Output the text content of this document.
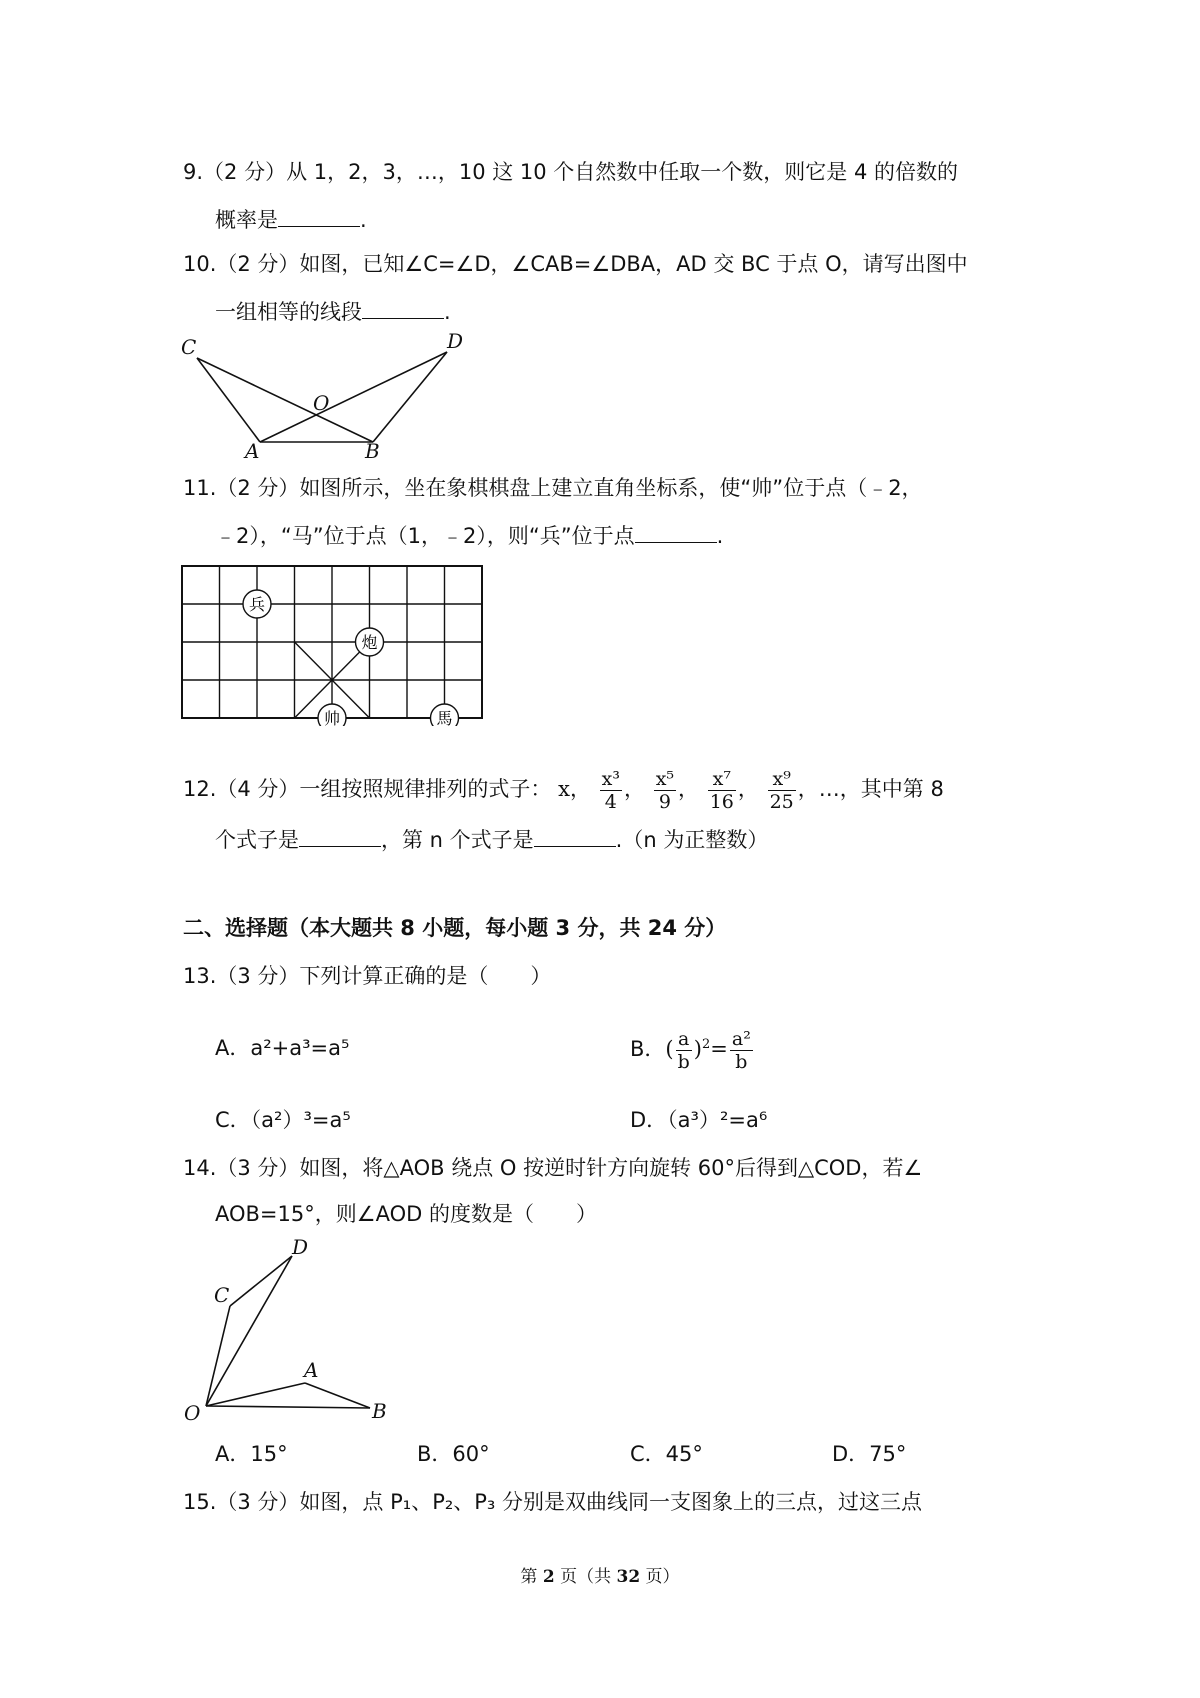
9.（2 分）从 1，2，3，…，10 这 10 个自然数中任取一个数，则它是 4 的倍数的
概率是	.
10.（2 分）如图，已知∠C=∠D，∠CAB=∠DBA，AD 交 BC 于点 O，请写出图中
一组相等的线段	.
C	D
O
A	B
11.（2 分）如图所示，坐在象棋棋盘上建立直角坐标系，使“帅”位于点（﹣2，
﹣2），“马”位于点（1，﹣2），则“兵”位于点	.
兵
炮
帅	馬
12.（4 分）一组按照规律排列的式子： x， $\frac{\text{x³}}{4}$ ， $\frac{\text{x⁵}}{9}$ ， $\frac{\text{x⁷}}{16}$ ， $\frac{\text{x⁹}}{25}$ ，…，其中第 8
个式子是	，第 n 个式子是	.（n 为正整数）
二、选择题（本大题共 8 小题，每小题 3 分，共 24 分）
13.（3 分）下列计算正确的是（　　）
A．a²+a³=a⁵	B．( $\frac{a}{b} )^2= \frac{\text{a²}}{b}$
C．（a²）³=a⁵	D．（a³）²=a⁶
14.（3 分）如图，将△AOB 绕点 O 按逆时针方向旋转 60°后得到△COD，若∠
AOB=15°，则∠AOD 的度数是（　　）
C
D
A
O	B
A．15°	B．60°	C．45°	D．75°
15.（3 分）如图，点 P₁、P₂、P₃ 分别是双曲线同一支图象上的三点，过这三点
第 2 页（共 32 页）
